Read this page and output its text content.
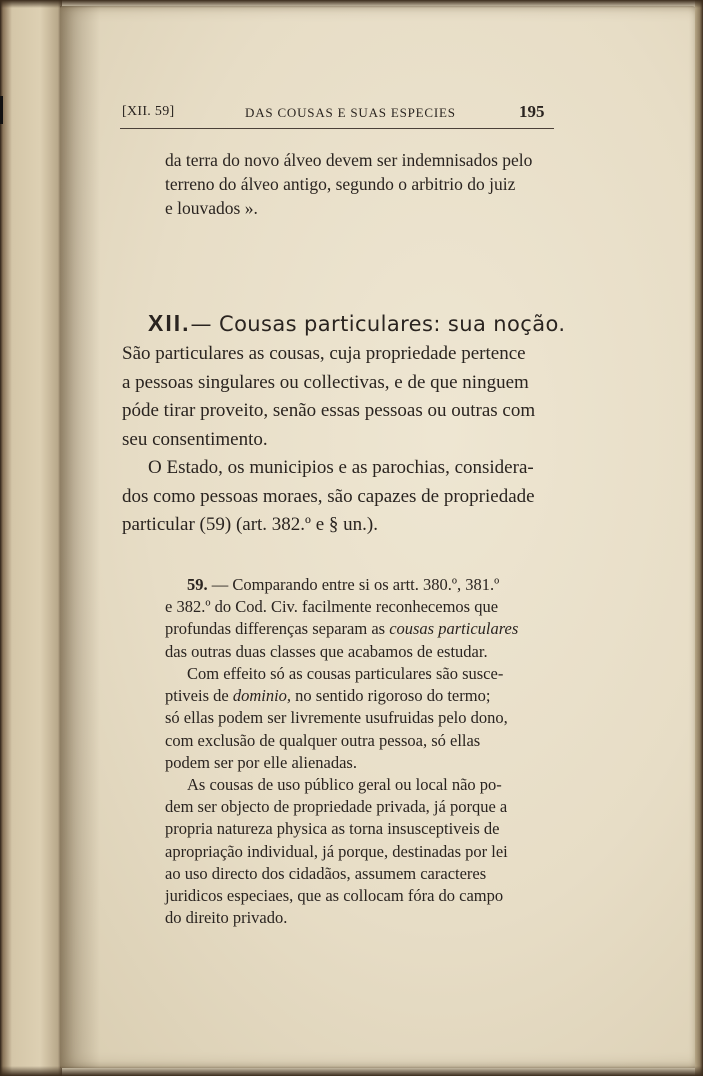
[XII. 59]	DAS COUSAS E SUAS ESPECIES	195
da terra do novo álveo devem ser indemnisados pelo
terreno do álveo antigo, segundo o arbitrio do juiz
e louvados ».
XII.— Cousas particulares: sua noção.
São particulares as cousas, cuja propriedade pertence
a pessoas singulares ou collectivas, e de que ninguem
póde tirar proveito, senão essas pessoas ou outras com
seu consentimento.
O Estado, os municipios e as parochias, considera-
dos como pessoas moraes, são capazes de propriedade
particular (59) (art. 382.º e § un.).
59. — Comparando entre si os artt. 380.º, 381.º
e 382.º do Cod. Civ. facilmente reconhecemos que
profundas differenças separam as cousas particulares
das outras duas classes que acabamos de estudar.
Com effeito só as cousas particulares são susce-
ptiveis de dominio, no sentido rigoroso do termo;
só ellas podem ser livremente usufruidas pelo dono,
com exclusão de qualquer outra pessoa, só ellas
podem ser por elle alienadas.
As cousas de uso público geral ou local não po-
dem ser objecto de propriedade privada, já porque a
propria natureza physica as torna insusceptiveis de
apropriação individual, já porque, destinadas por lei
ao uso directo dos cidadãos, assumem caracteres
juridicos especiaes, que as collocam fóra do campo
do direito privado.
